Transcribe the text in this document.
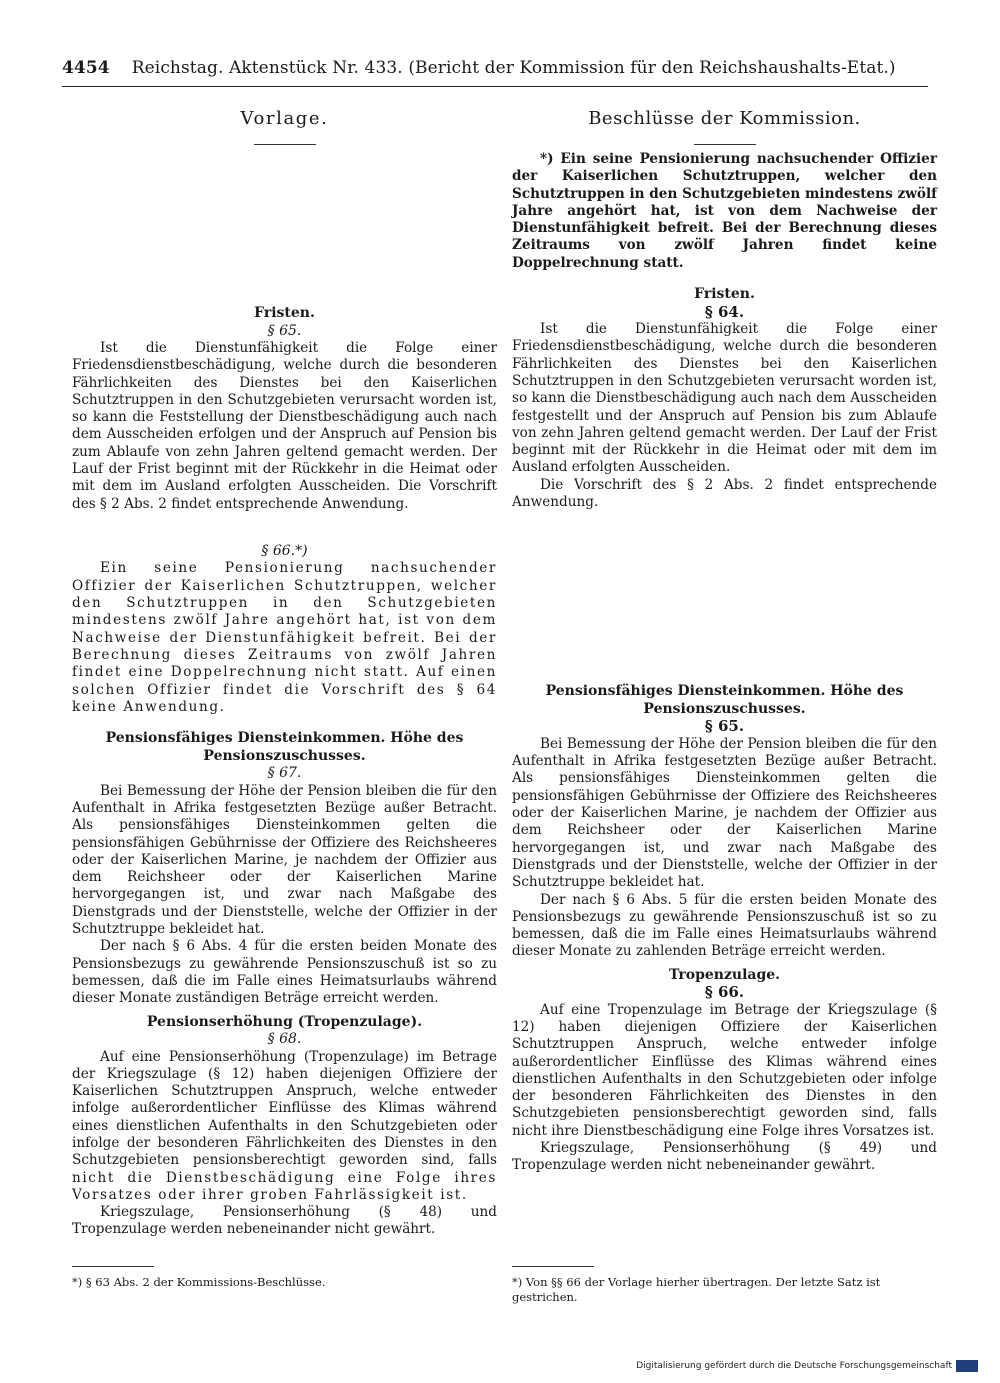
4454 Reichstag. Aktenstück Nr. 433. (Bericht der Kommission für den Reichshaushalts-Etat.)
Vorlage.

Fristen.

§ 65.

Ist die Dienstunfähigkeit die Folge einer Friedensdienstbeschädigung, welche durch die besonderen Fährlichkeiten des Dienstes bei den Kaiserlichen Schutztruppen in den Schutzgebieten verursacht worden ist, so kann die Feststellung der Dienstbeschädigung auch nach dem Ausscheiden erfolgen und der Anspruch auf Pension bis zum Ablaufe von zehn Jahren geltend gemacht werden. Der Lauf der Frist beginnt mit der Rückkehr in die Heimat oder mit dem im Ausland erfolgten Ausscheiden. Die Vorschrift des § 2 Abs. 2 findet entsprechende Anwendung.

§ 66.*)

Ein seine Pensionierung nachsuchender Offizier der Kaiserlichen Schutztruppen, welcher den Schutztruppen in den Schutzgebieten mindestens zwölf Jahre angehört hat, ist von dem Nachweise der Dienstunfähigkeit befreit. Bei der Berechnung dieses Zeitraums von zwölf Jahren findet eine Doppelrechnung nicht statt. Auf einen solchen Offizier findet die Vorschrift des § 64 keine Anwendung.

Pensionsfähiges Diensteinkommen. Höhe des Pensionszuschusses.

§ 67.

Bei Bemessung der Höhe der Pension bleiben die für den Aufenthalt in Afrika festgesetzten Bezüge außer Betracht. Als pensionsfähiges Diensteinkommen gelten die pensionsfähigen Gebührnisse der Offiziere des Reichsheeres oder der Kaiserlichen Marine, je nachdem der Offizier aus dem Reichsheer oder der Kaiserlichen Marine hervorgegangen ist, und zwar nach Maßgabe des Dienstgrads und der Dienststelle, welche der Offizier in der Schutztruppe bekleidet hat.

Der nach § 6 Abs. 4 für die ersten beiden Monate des Pensionsbezugs zu gewährende Pensionszuschuß ist so zu bemessen, daß die im Falle eines Heimatsurlaubs während dieser Monate zuständigen Beträge erreicht werden.

Pensionserhöhung (Tropenzulage).

§ 68.

Auf eine Pensionserhöhung (Tropenzulage) im Betrage der Kriegszulage (§ 12) haben diejenigen Offiziere der Kaiserlichen Schutztruppen Anspruch, welche entweder infolge außerordentlicher Einflüsse des Klimas während eines dienstlichen Aufenthalts in den Schutzgebieten oder infolge der besonderen Fährlichkeiten des Dienstes in den Schutzgebieten pensionsberechtigt geworden sind, falls nicht die Dienstbeschädigung eine Folge ihres Vorsatzes oder ihrer groben Fahrlässigkeit ist.

Kriegszulage, Pensionserhöhung (§ 48) und Tropenzulage werden nebeneinander nicht gewährt.

Beschlüsse der Kommission.

*) Ein seine Pensionierung nachsuchender Offizier der Kaiserlichen Schutztruppen, welcher den Schutztruppen in den Schutzgebieten mindestens zwölf Jahre angehört hat, ist von dem Nachweise der Dienstunfähigkeit befreit. Bei der Berechnung dieses Zeitraums von zwölf Jahren findet keine Doppelrechnung statt.

Fristen.

§ 64.

Ist die Dienstunfähigkeit die Folge einer Friedensdienstbeschädigung, welche durch die besonderen Fährlichkeiten des Dienstes bei den Kaiserlichen Schutztruppen in den Schutzgebieten verursacht worden ist, so kann die Dienstbeschädigung auch nach dem Ausscheiden festgestellt und der Anspruch auf Pension bis zum Ablaufe von zehn Jahren geltend gemacht werden. Der Lauf der Frist beginnt mit der Rückkehr in die Heimat oder mit dem im Ausland erfolgten Ausscheiden.

Die Vorschrift des § 2 Abs. 2 findet entsprechende Anwendung.

Pensionsfähiges Diensteinkommen. Höhe des Pensionszuschusses.

§ 65.

Bei Bemessung der Höhe der Pension bleiben die für den Aufenthalt in Afrika festgesetzten Bezüge außer Betracht. Als pensionsfähiges Diensteinkommen gelten die pensionsfähigen Gebührnisse der Offiziere des Reichsheeres oder der Kaiserlichen Marine, je nachdem der Offizier aus dem Reichsheer oder der Kaiserlichen Marine hervorgegangen ist, und zwar nach Maßgabe des Dienstgrads und der Dienststelle, welche der Offizier in der Schutztruppe bekleidet hat.

Der nach § 6 Abs. 5 für die ersten beiden Monate des Pensionsbezugs zu gewährende Pensionszuschuß ist so zu bemessen, daß die im Falle eines Heimatsurlaubs während dieser Monate zu zahlenden Beträge erreicht werden.

Tropenzulage.

§ 66.

Auf eine Tropenzulage im Betrage der Kriegszulage (§ 12) haben diejenigen Offiziere der Kaiserlichen Schutztruppen Anspruch, welche entweder infolge außerordentlicher Einflüsse des Klimas während eines dienstlichen Aufenthalts in den Schutzgebieten oder infolge der besonderen Fährlichkeiten des Dienstes in den Schutzgebieten pensionsberechtigt geworden sind, falls nicht ihre Dienstbeschädigung eine Folge ihres Vorsatzes ist.

Kriegszulage, Pensionserhöhung (§ 49) und Tropenzulage werden nicht nebeneinander gewährt.

*) § 63 Abs. 2 der Kommissions-Beschlüsse.	*) Von §§ 66 der Vorlage hierher übertragen. Der letzte Satz ist gestrichen.
Digitalisierung gefördert durch die Deutsche Forschungsgemeinschaft
